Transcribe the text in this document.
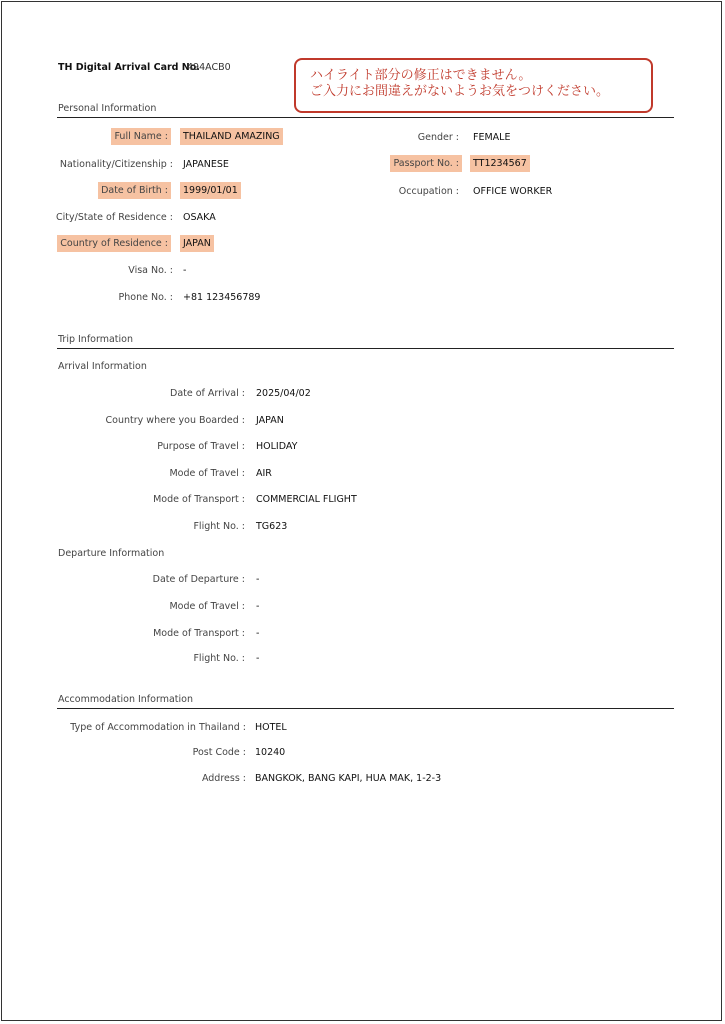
TH Digital Arrival Card No.
494ACB0
ハイライト部分の修正はできません。
ご入力にお間違えがないようお気をつけください。
Personal Information
Full Name :	THAILAND AMAZING	Gender : FEMALE
Nationality/Citizenship : JAPANESE	Passport No. :	TT1234567
Date of Birth :	1999/01/01	Occupation : OFFICE WORKER
City/State of Residence : OSAKA
Country of Residence :	JAPAN
Visa No. : -
Phone No. : +81 123456789
Trip Information
Arrival Information
Date of Arrival : 2025/04/02
Country where you Boarded : JAPAN
Purpose of Travel : HOLIDAY
Mode of Travel : AIR
Mode of Transport : COMMERCIAL FLIGHT
Flight No. : TG623
Departure Information
Date of Departure : -
Mode of Travel : -
Mode of Transport : -
Flight No. : -
Accommodation Information
Type of Accommodation in Thailand : HOTEL
Post Code : 10240
Address : BANGKOK, BANG KAPI, HUA MAK, 1-2-3
